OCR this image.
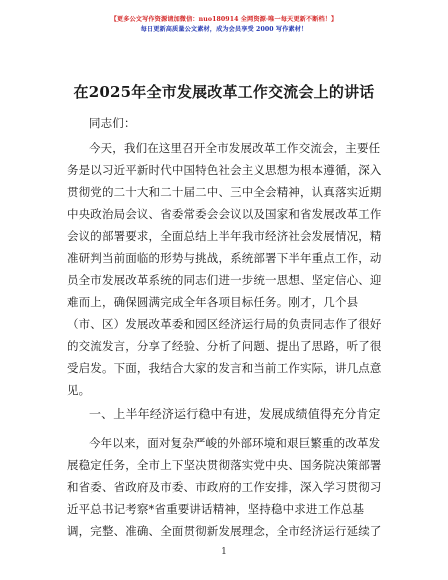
【更多公文写作资源请加微信：nuo180914 全网资源·唯一每天更新不断档！】
每日更新高质量公文素材，成为会员享受 2000 写作素材！
在2025年全市发展改革工作交流会上的讲话
同志们：
今天，我们在这里召开全市发展改革工作交流会，主要任
务是以习近平新时代中国特色社会主义思想为根本遵循，深入
贯彻党的二十大和二十届二中、三中全会精神，认真落实近期
中央政治局会议、省委常委会会议以及国家和省发展改革工作
会议的部署要求，全面总结上半年我市经济社会发展情况，精
准研判当前面临的形势与挑战，系统部署下半年重点工作，动
员全市发展改革系统的同志们进一步统一思想、坚定信心、迎
难而上，确保圆满完成全年各项目标任务。刚才，几个县
（市、区）发展改革委和园区经济运行局的负责同志作了很好
的交流发言，分享了经验、分析了问题、提出了思路，听了很
受启发。下面，我结合大家的发言和当前工作实际，讲几点意
见。
一、上半年经济运行稳中有进，发展成绩值得充分肯定
今年以来，面对复杂严峻的外部环境和艰巨繁重的改革发
展稳定任务，全市上下坚决贯彻落实党中央、国务院决策部署
和省委、省政府及市委、市政府的工作安排，深入学习贯彻习
近平总书记考察*省重要讲话精神，坚持稳中求进工作总基
调，完整、准确、全面贯彻新发展理念，全市经济运行延续了
1
